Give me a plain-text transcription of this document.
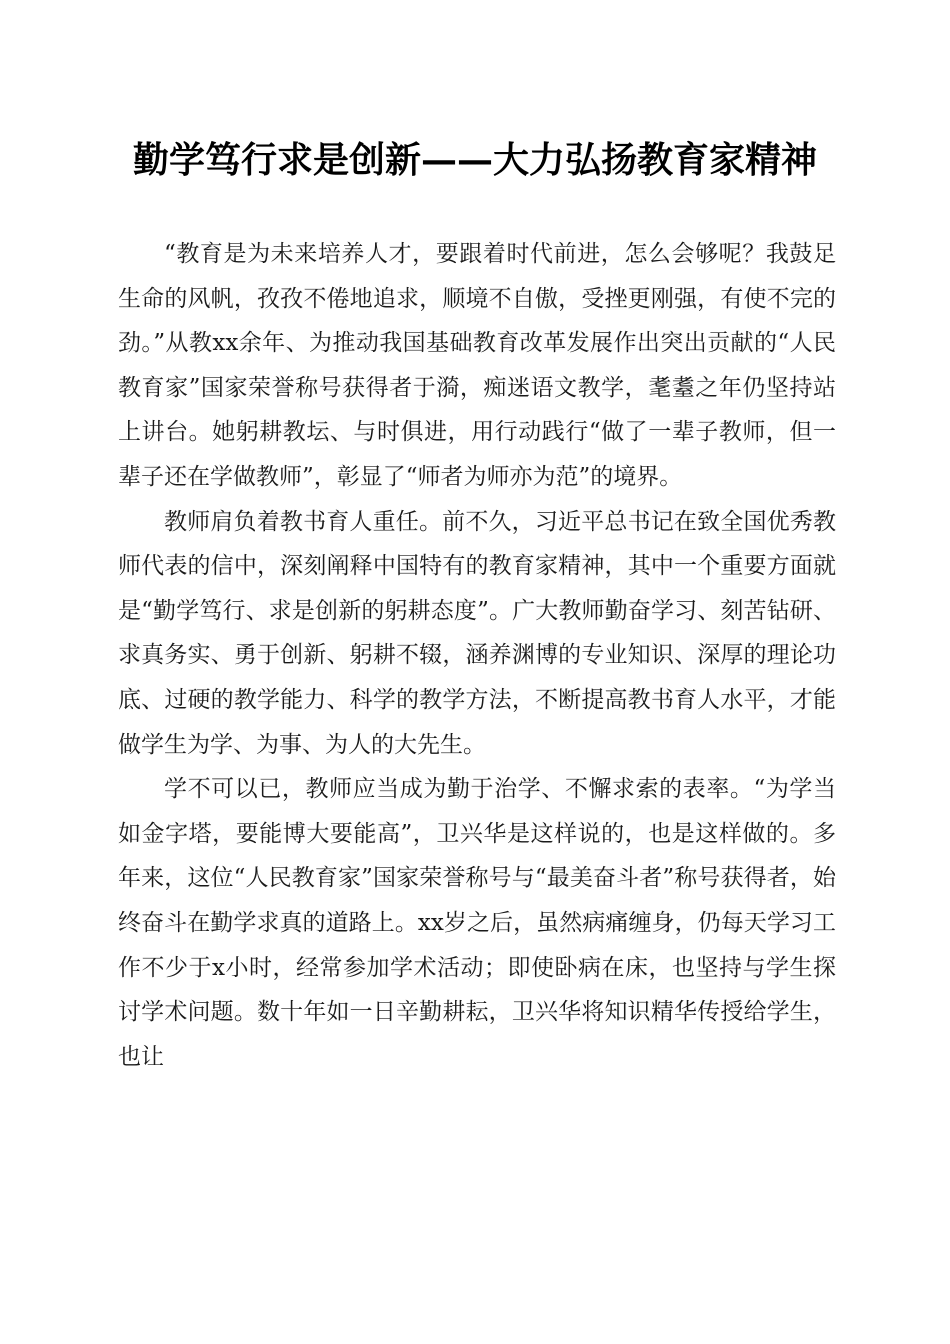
勤学笃行求是创新——大力弘扬教育家精神

“教育是为未来培养人才，要跟着时代前进，怎么会够呢？我鼓足生命的风帆，孜孜不倦地追求，顺境不自傲，受挫更刚强，有使不完的劲。”从教xx余年、为推动我国基础教育改革发展作出突出贡献的“人民教育家”国家荣誉称号获得者于漪，痴迷语文教学，耄耋之年仍坚持站上讲台。她躬耕教坛、与时俱进，用行动践行“做了一辈子教师，但一辈子还在学做教师”，彰显了“师者为师亦为范”的境界。

教师肩负着教书育人重任。前不久，习近平总书记在致全国优秀教师代表的信中，深刻阐释中国特有的教育家精神，其中一个重要方面就是“勤学笃行、求是创新的躬耕态度”。广大教师勤奋学习、刻苦钻研、求真务实、勇于创新、躬耕不辍，涵养渊博的专业知识、深厚的理论功底、过硬的教学能力、科学的教学方法，不断提高教书育人水平，才能做学生为学、为事、为人的大先生。

学不可以已，教师应当成为勤于治学、不懈求索的表率。“为学当如金字塔，要能博大要能高”，卫兴华是这样说的，也是这样做的。多年来，这位“人民教育家”国家荣誉称号与“最美奋斗者”称号获得者，始终奋斗在勤学求真的道路上。xx岁之后，虽然病痛缠身，仍每天学习工作不少于x小时，经常参加学术活动；即使卧病在床，也坚持与学生探讨学术问题。数十年如一日辛勤耕耘，卫兴华将知识精华传授给学生，也让
